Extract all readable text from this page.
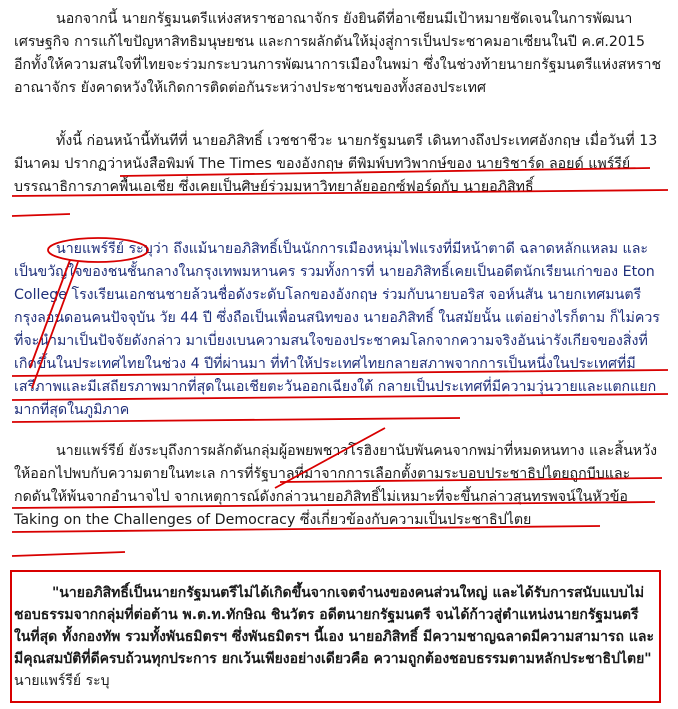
นอกจากนี้ นายกรัฐมนตรีแห่งสหราชอาณาจักร ยังยินดีที่อาเซียนมีเป้าหมายชัดเจนในการพัฒนาเศรษฐกิจ การแก้ไขปัญหาสิทธิมนุษยชน และการผลักดันให้มุ่งสู่การเป็นประชาคมอาเซียนในปี ค.ศ.2015 อีกทั้งให้ความสนใจที่ไทยจะร่วมกระบวนการพัฒนาการเมืองในพม่า ซึ่งในช่วงท้ายนายกรัฐมนตรีแห่งสหราชอาณาจักร ยังคาดหวังให้เกิดการติดต่อกันระหว่างประชาชนของทั้งสองประเทศ

ทั้งนี้ ก่อนหน้านี้ทันทีที่ นายอภิสิทธิ์ เวชชาชีวะ นายกรัฐมนตรี เดินทางถึงประเทศอังกฤษ เมื่อวันที่ 13 มีนาคม ปรากฏว่าหนังสือพิมพ์ The Times ของอังกฤษ ตีพิมพ์บทวิพากษ์ของ นายริชาร์ด ลอยด์ แพร์รีย์ บรรณาธิการภาคพื้นเอเชีย ซึ่งเคยเป็นศิษย์ร่วมมหาวิทยาลัยออกซ์ฟอร์ดกับ นายอภิสิทธิ์

นายแพร์รีย์ ระบุว่า ถึงแม้นายอภิสิทธิ์เป็นนักการเมืองหนุ่มไฟแรงที่มีหน้าตาดี ฉลาดหลักแหลม และเป็นขวัญใจของชนชั้นกลางในกรุงเทพมหานคร รวมทั้งการที่ นายอภิสิทธิ์เคยเป็นอดีตนักเรียนเก่าของ Eton College โรงเรียนเอกชนชายล้วนชื่อดังระดับโลกของอังกฤษ ร่วมกับนายบอริส จอห์นสัน นายกเทศมนตรีกรุงลอนดอนคนปัจจุบัน วัย 44 ปี ซึ่งถือเป็นเพื่อนสนิทของ นายอภิสิทธิ์ ในสมัยนั้น แต่อย่างไรก็ตาม ก็ไม่ควรที่จะนำมาเป็นปัจจัยดังกล่าว มาเบี่ยงเบนความสนใจของประชาคมโลกจากความจริงอันน่ารังเกียจของสิ่งที่เกิดขึ้นในประเทศไทยในช่วง 4 ปีที่ผ่านมา ที่ทำให้ประเทศไทยกลายสภาพจากการเป็นหนึ่งในประเทศที่มีเสรีภาพและมีเสถียรภาพมากที่สุดในเอเชียตะวันออกเฉียงใต้ กลายเป็นประเทศที่มีความวุ่นวายและแตกแยกมากที่สุดในภูมิภาค

นายแพร์รีย์ ยังระบุถึงการผลักดันกลุ่มผู้อพยพชาวโรฮิงยานับพันคนจากพม่าที่หมดหนทาง และสิ้นหวังให้ออกไปพบกับความตายในทะเล การที่รัฐบาลที่มาจากการเลือกตั้งตามระบอบประชาธิปไตยถูกบีบและกดดันให้พ้นจากอำนาจไป จากเหตุการณ์ดังกล่าวนายอภิสิทธิ์ไม่เหมาะที่จะขึ้นกล่าวสุนทรพจน์ในหัวข้อ Taking on the Challenges of Democracy ซึ่งเกี่ยวข้องกับความเป็นประชาธิปไตย

"นายอภิสิทธิ์เป็นนายกรัฐมนตรีไม่ได้เกิดขึ้นจากเจตจำนงของคนส่วนใหญ่ และได้รับการสนับแบบไม่ชอบธรรมจากกลุ่มที่ต่อต้าน พ.ต.ท.ทักษิณ ชินวัตร อดีตนายกรัฐมนตรี จนได้ก้าวสู่ตำแหน่งนายกรัฐมนตรีในที่สุด ทั้งกองทัพ รวมทั้งพันธมิตรฯ ซึ่งพันธมิตรฯ นี้เอง นายอภิสิทธิ์ มีความชาญฉลาดมีความสามารถ และมีคุณสมบัติที่ดีครบถ้วนทุกประการ ยกเว้นเพียงอย่างเดียวคือ ความถูกต้องชอบธรรมตามหลักประชาธิปไตย" นายแพร์รีย์ ระบุ
